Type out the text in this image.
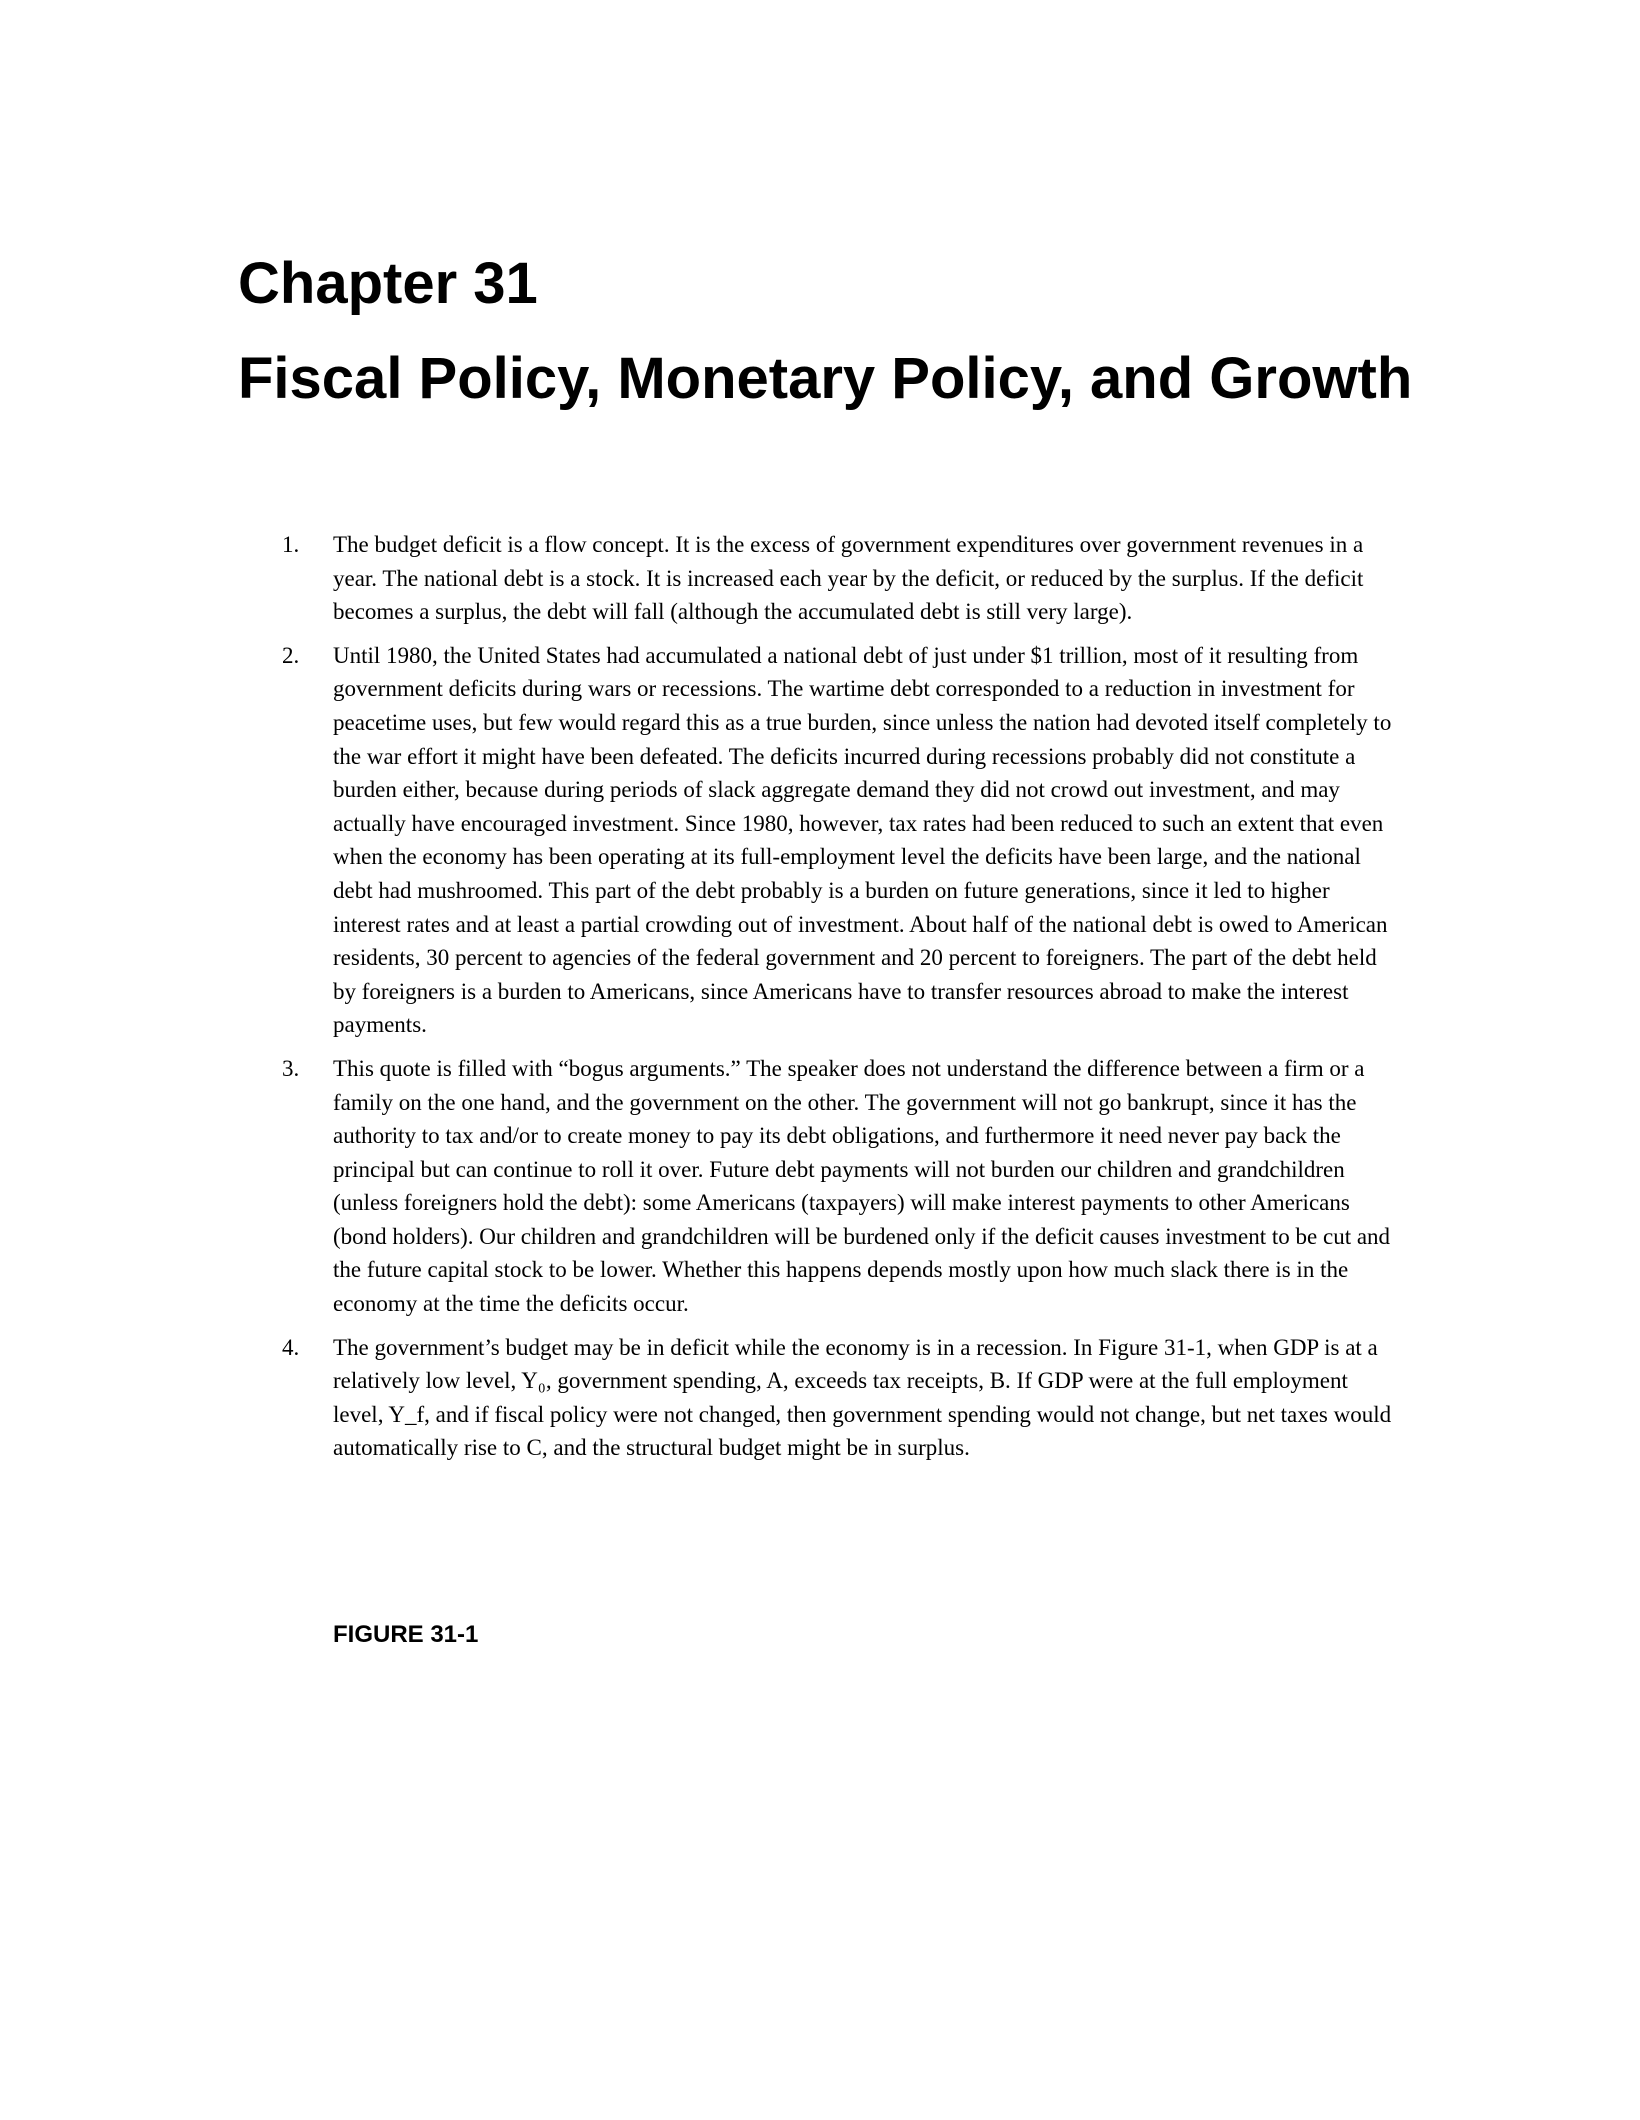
Chapter 31
Fiscal Policy, Monetary Policy, and Growth
1. The budget deficit is a flow concept. It is the excess of government expenditures over government revenues in a year. The national debt is a stock. It is increased each year by the deficit, or reduced by the surplus. If the deficit becomes a surplus, the debt will fall (although the accumulated debt is still very large).
2. Until 1980, the United States had accumulated a national debt of just under $1 trillion, most of it resulting from government deficits during wars or recessions. The wartime debt corresponded to a reduction in investment for peacetime uses, but few would regard this as a true burden, since unless the nation had devoted itself completely to the war effort it might have been defeated. The deficits incurred during recessions probably did not constitute a burden either, because during periods of slack aggregate demand they did not crowd out investment, and may actually have encouraged investment. Since 1980, however, tax rates had been reduced to such an extent that even when the economy has been operating at its full-employment level the deficits have been large, and the national debt had mushroomed. This part of the debt probably is a burden on future generations, since it led to higher interest rates and at least a partial crowding out of investment. About half of the national debt is owed to American residents, 30 percent to agencies of the federal government and 20 percent to foreigners. The part of the debt held by foreigners is a burden to Americans, since Americans have to transfer resources abroad to make the interest payments.
3. This quote is filled with “bogus arguments.” The speaker does not understand the difference between a firm or a family on the one hand, and the government on the other. The government will not go bankrupt, since it has the authority to tax and/or to create money to pay its debt obligations, and furthermore it need never pay back the principal but can continue to roll it over. Future debt payments will not burden our children and grandchildren (unless foreigners hold the debt): some Americans (taxpayers) will make interest payments to other Americans (bond holders). Our children and grandchildren will be burdened only if the deficit causes investment to be cut and the future capital stock to be lower. Whether this happens depends mostly upon how much slack there is in the economy at the time the deficits occur.
4. The government’s budget may be in deficit while the economy is in a recession. In Figure 31-1, when GDP is at a relatively low level, Y₀, government spending, A, exceeds tax receipts, B. If GDP were at the full employment level, Y_f, and if fiscal policy were not changed, then government spending would not change, but net taxes would automatically rise to C, and the structural budget might be in surplus.
FIGURE 31-1
